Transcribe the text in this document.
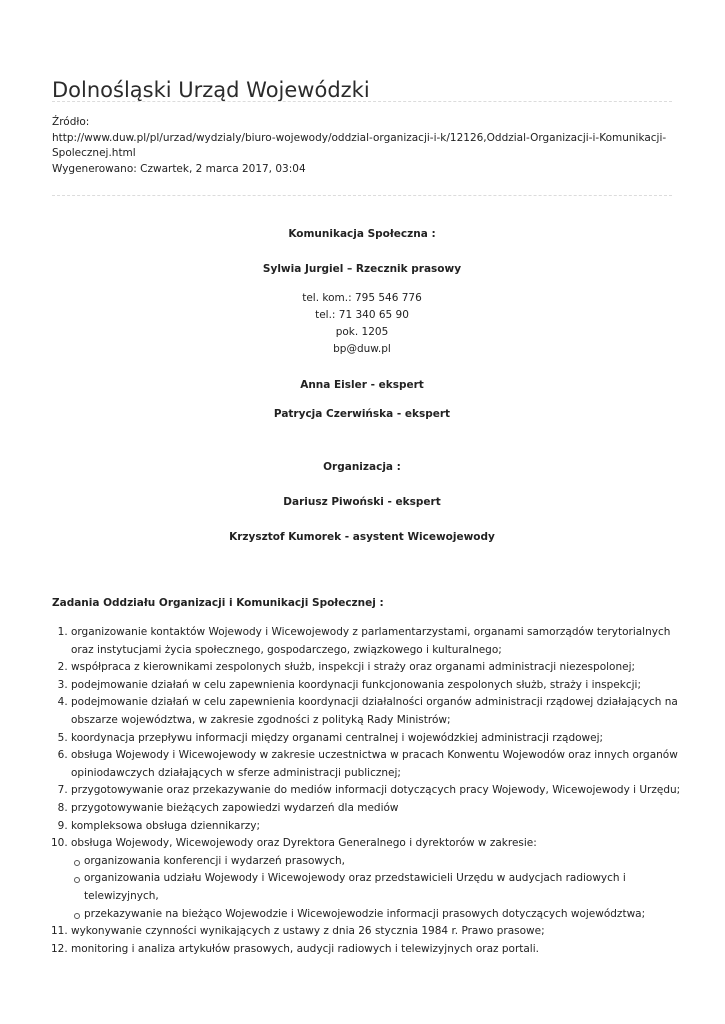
Dolnośląski Urząd Wojewódzki
Źródło:
http://www.duw.pl/pl/urzad/wydzialy/biuro-wojewody/oddzial-organizacji-i-k/12126,Oddzial-Organizacji-i-Komunikacji-Spolecznej.html
Wygenerowano: Czwartek, 2 marca 2017, 03:04
Komunikacja Społeczna :
Sylwia Jurgiel – Rzecznik prasowy
tel. kom.: 795 546 776
tel.: 71 340 65 90
pok. 1205
bp@duw.pl
Anna Eisler - ekspert
Patrycja Czerwińska - ekspert
Organizacja :
Dariusz Piwoński - ekspert
Krzysztof Kumorek - asystent Wicewojewody
Zadania Oddziału Organizacji i Komunikacji Społecznej :
1. organizowanie kontaktów Wojewody i Wicewojewody z parlamentarzystami, organami samorządów terytorialnych oraz instytucjami życia społecznego, gospodarczego, związkowego i kulturalnego;
2. współpraca z kierownikami zespolonych służb, inspekcji i straży oraz organami administracji niezespolonej;
3. podejmowanie działań w celu zapewnienia koordynacji funkcjonowania zespolonych służb, straży i inspekcji;
4. podejmowanie działań w celu zapewnienia koordynacji działalności organów administracji rządowej działających na obszarze województwa, w zakresie zgodności z polityką Rady Ministrów;
5. koordynacja przepływu informacji między organami centralnej i wojewódzkiej administracji rządowej;
6. obsługa Wojewody i Wicewojewody w zakresie uczestnictwa w pracach Konwentu Wojewodów oraz innych organów opiniodawczych działających w sferze administracji publicznej;
7. przygotowywanie oraz przekazywanie do mediów informacji dotyczących pracy Wojewody, Wicewojewody i Urzędu;
8. przygotowywanie bieżących zapowiedzi wydarzeń dla mediów
9. kompleksowa obsługa dziennikarzy;
10. obsługa Wojewody, Wicewojewody oraz Dyrektora Generalnego i dyrektorów w zakresie:
organizowania konferencji i wydarzeń prasowych,
organizowania udziału Wojewody i Wicewojewody oraz przedstawicieli Urzędu w audycjach radiowych i telewizyjnych,
przekazywanie na bieżąco Wojewodzie i Wicewojewodzie informacji prasowych dotyczących województwa;
11. wykonywanie czynności wynikających z ustawy z dnia 26 stycznia 1984 r. Prawo prasowe;
12. monitoring i analiza artykułów prasowych, audycji radiowych i telewizyjnych oraz portali.
